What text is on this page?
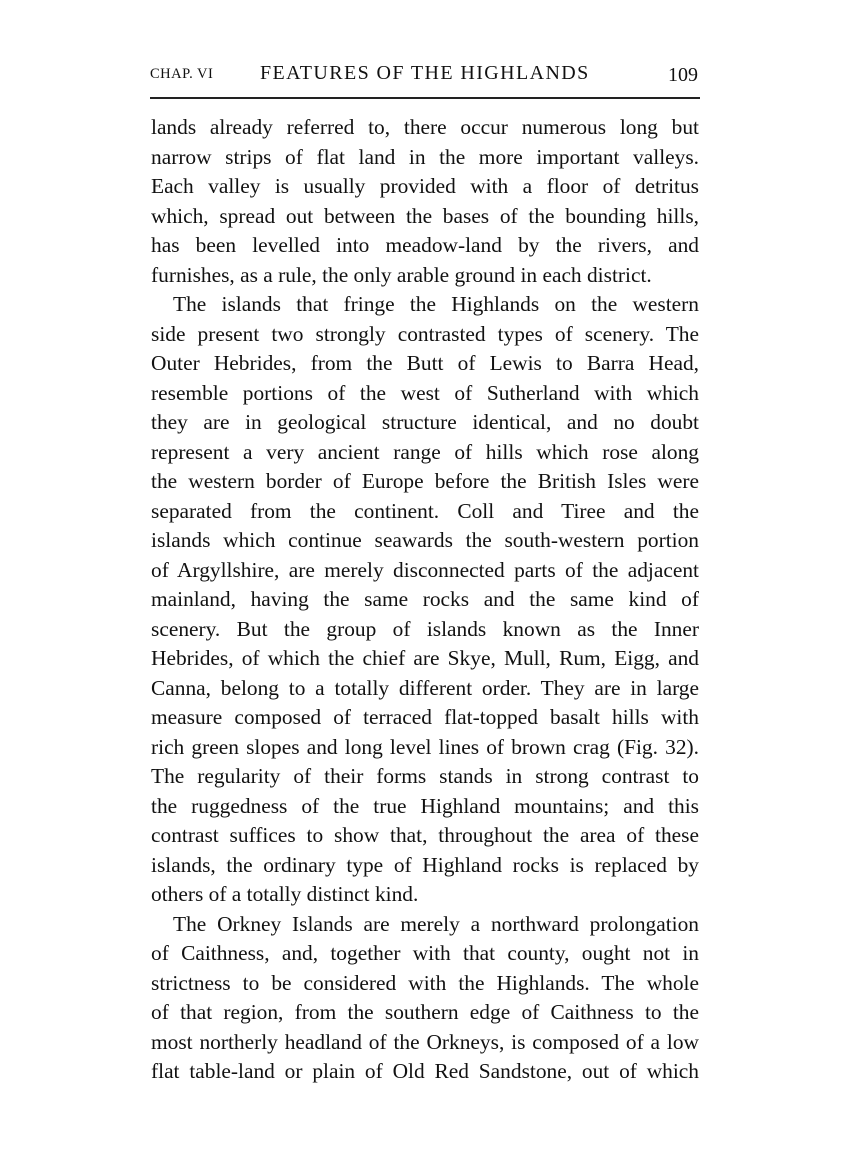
CHAP. VI FEATURES OF THE HIGHLANDS	109
lands already referred to, there occur numerous long but
narrow strips of flat land in the more important valleys.
Each valley is usually provided with a floor of detritus
which, spread out between the bases of the bounding hills,
has been levelled into meadow-land by the rivers, and
furnishes, as a rule, the only arable ground in each district.
The islands that fringe the Highlands on the western
side present two strongly contrasted types of scenery. The
Outer Hebrides, from the Butt of Lewis to Barra Head,
resemble portions of the west of Sutherland with which
they are in geological structure identical, and no doubt
represent a very ancient range of hills which rose along
the western border of Europe before the British Isles were
separated from the continent. Coll and Tiree and the
islands which continue seawards the south-western portion
of Argyllshire, are merely disconnected parts of the adjacent
mainland, having the same rocks and the same kind of
scenery. But the group of islands known as the Inner
Hebrides, of which the chief are Skye, Mull, Rum, Eigg, and
Canna, belong to a totally different order. They are in large
measure composed of terraced flat-topped basalt hills with
rich green slopes and long level lines of brown crag (Fig. 32).
The regularity of their forms stands in strong contrast to
the ruggedness of the true Highland mountains; and this
contrast suffices to show that, throughout the area of these
islands, the ordinary type of Highland rocks is replaced by
others of a totally distinct kind.
The Orkney Islands are merely a northward prolongation
of Caithness, and, together with that county, ought not in
strictness to be considered with the Highlands. The whole
of that region, from the southern edge of Caithness to the
most northerly headland of the Orkneys, is composed of a low
flat table-land or plain of Old Red Sandstone, out of which
